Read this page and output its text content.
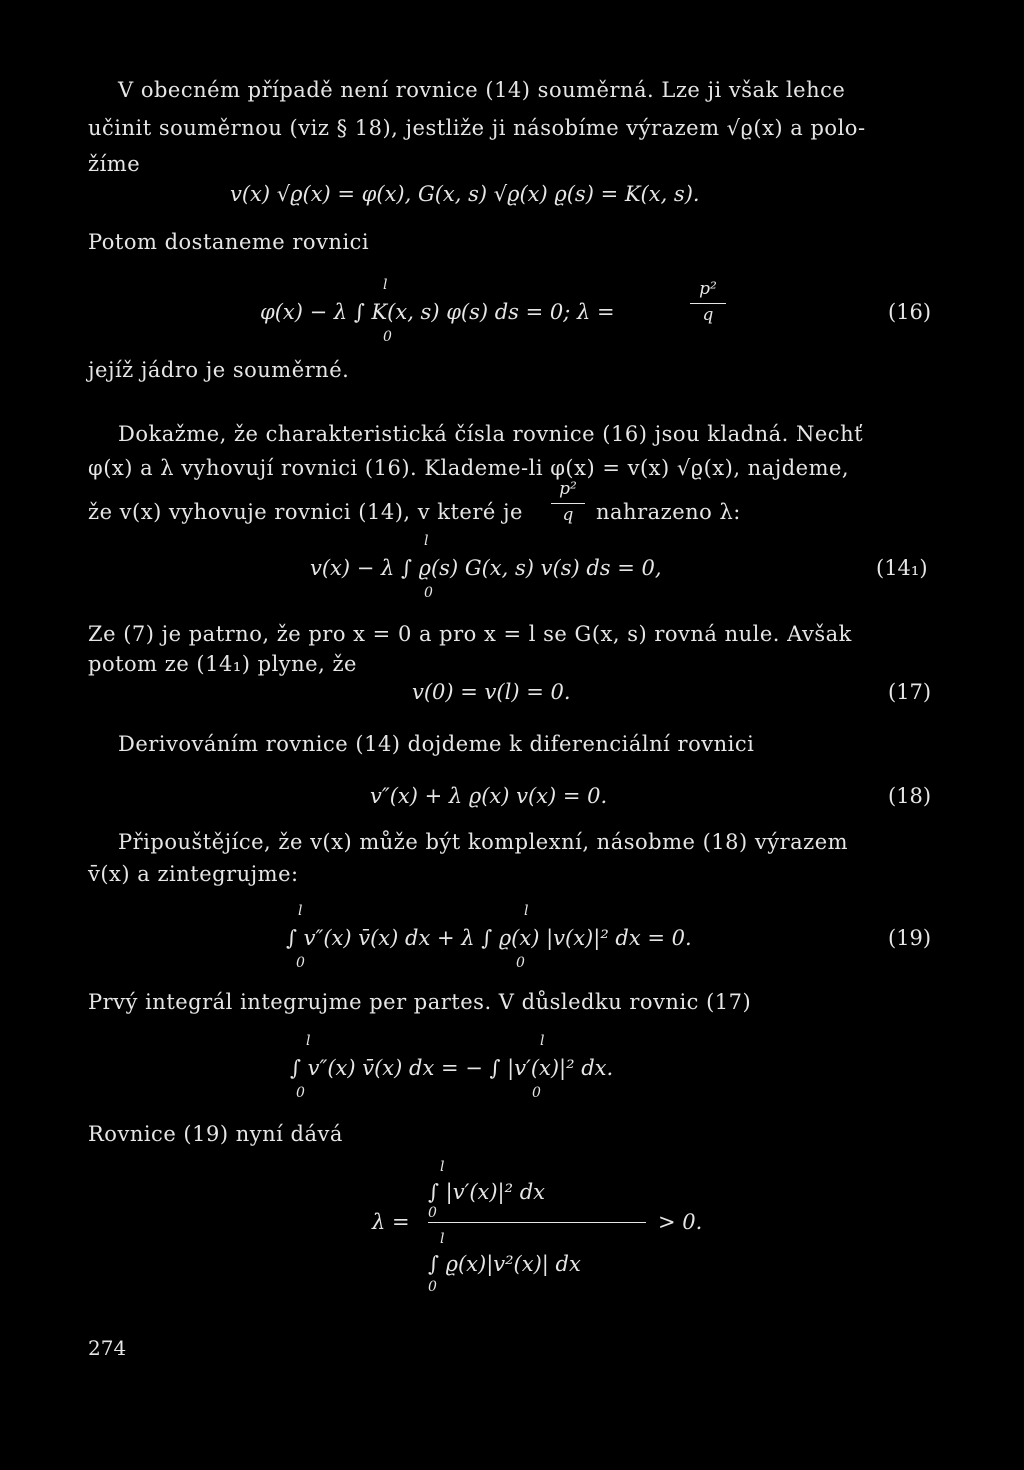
V obecném případě není rovnice (14) souměrná. Lze ji však lehce
učinit souměrnou (viz § 18), jestliže ji násobíme výrazem √ϱ(x) a polo-
žíme
v(x) √ϱ(x) = φ(x), G(x, s) √ϱ(x) ϱ(s) = K(x, s).
Potom dostaneme rovnici
l
φ(x) − λ ∫ K(x, s) φ(s) ds = 0; λ =
0
p²
q	(16)
jejíž jádro je souměrné.
Dokažme, že charakteristická čísla rovnice (16) jsou kladná. Nechť
φ(x) a λ vyhovují rovnici (16). Klademe-li φ(x) = v(x) √ϱ(x), najdeme,
že v(x) vyhovuje rovnici (14), v které je
p²
q	nahrazeno λ:
l
v(x) − λ ∫ ϱ(s) G(x, s) v(s) ds = 0,
0
(14₁)
Ze (7) je patrno, že pro x = 0 a pro x = l se G(x, s) rovná nule. Avšak
potom ze (14₁) plyne, že
v(0) = v(l) = 0.	(17)
Derivováním rovnice (14) dojdeme k diferenciální rovnici
v″(x) + λ ϱ(x) v(x) = 0.	(18)
Připouštějíce, že v(x) může být komplexní, násobme (18) výrazem
v̄(x) a zintegrujme:
l	l
∫ v″(x) v̄(x) dx + λ ∫ ϱ(x) |v(x)|² dx = 0.
0	0
(19)
Prvý integrál integrujme per partes. V důsledku rovnic (17)
l	l
∫ v″(x) v̄(x) dx = − ∫ |v′(x)|² dx.
0	0
Rovnice (19) nyní dává
l
∫ |v′(x)|² dx
0
λ =	> 0.
l
∫ ϱ(x)|v²(x)| dx
0
274
